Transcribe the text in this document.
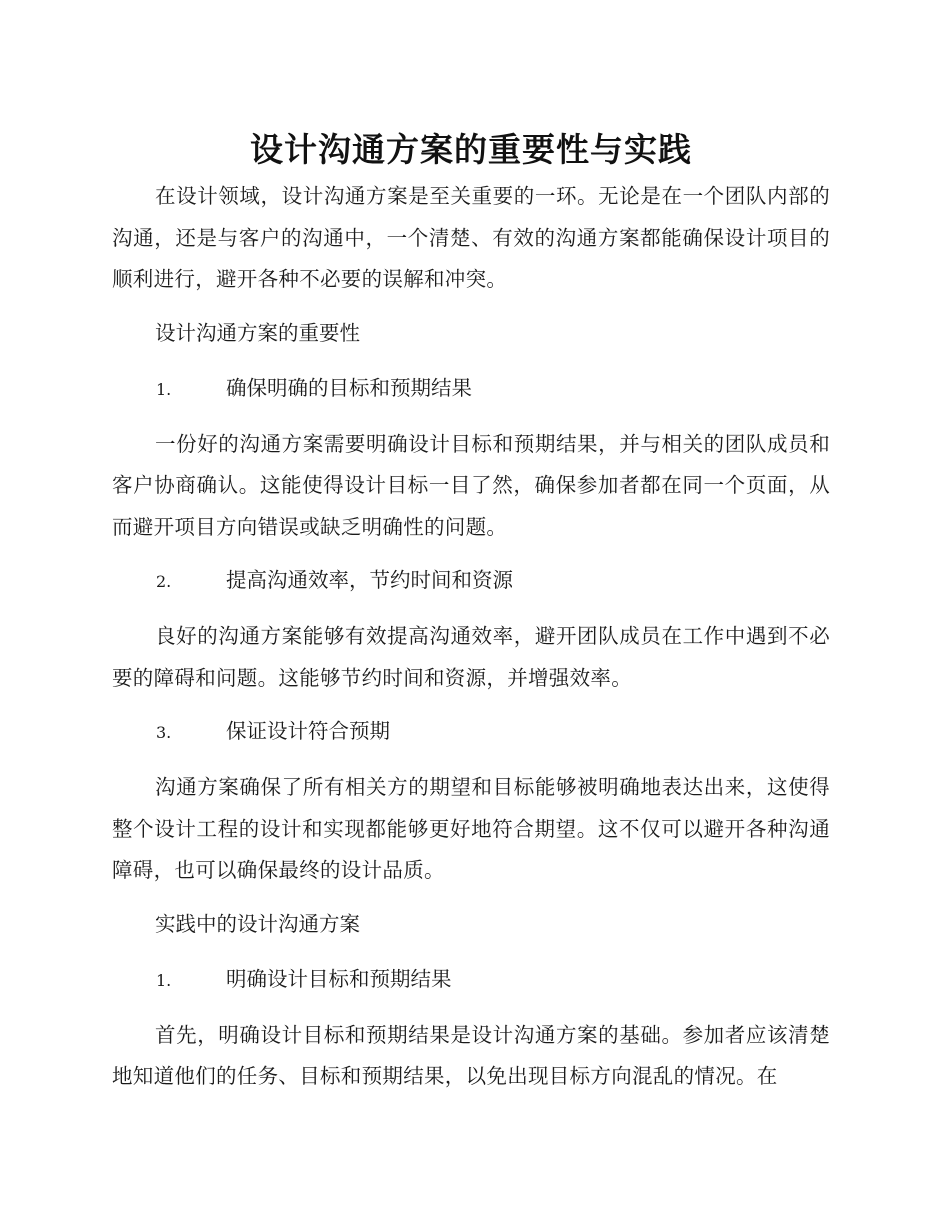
设计沟通方案的重要性与实践

在设计领域，设计沟通方案是至关重要的一环。无论是在一个团队内部的沟通，还是与客户的沟通中，一个清楚、有效的沟通方案都能确保设计项目的顺利进行，避开各种不必要的误解和冲突。

设计沟通方案的重要性

1.	确保明确的目标和预期结果

一份好的沟通方案需要明确设计目标和预期结果，并与相关的团队成员和客户协商确认。这能使得设计目标一目了然，确保参加者都在同一个页面，从而避开项目方向错误或缺乏明确性的问题。

2.	提高沟通效率，节约时间和资源

良好的沟通方案能够有效提高沟通效率，避开团队成员在工作中遇到不必要的障碍和问题。这能够节约时间和资源，并增强效率。

3.	保证设计符合预期

沟通方案确保了所有相关方的期望和目标能够被明确地表达出来，这使得整个设计工程的设计和实现都能够更好地符合期望。这不仅可以避开各种沟通障碍，也可以确保最终的设计品质。

实践中的设计沟通方案

1.	明确设计目标和预期结果

首先，明确设计目标和预期结果是设计沟通方案的基础。参加者应该清楚地知道他们的任务、目标和预期结果，以免出现目标方向混乱的情况。在
